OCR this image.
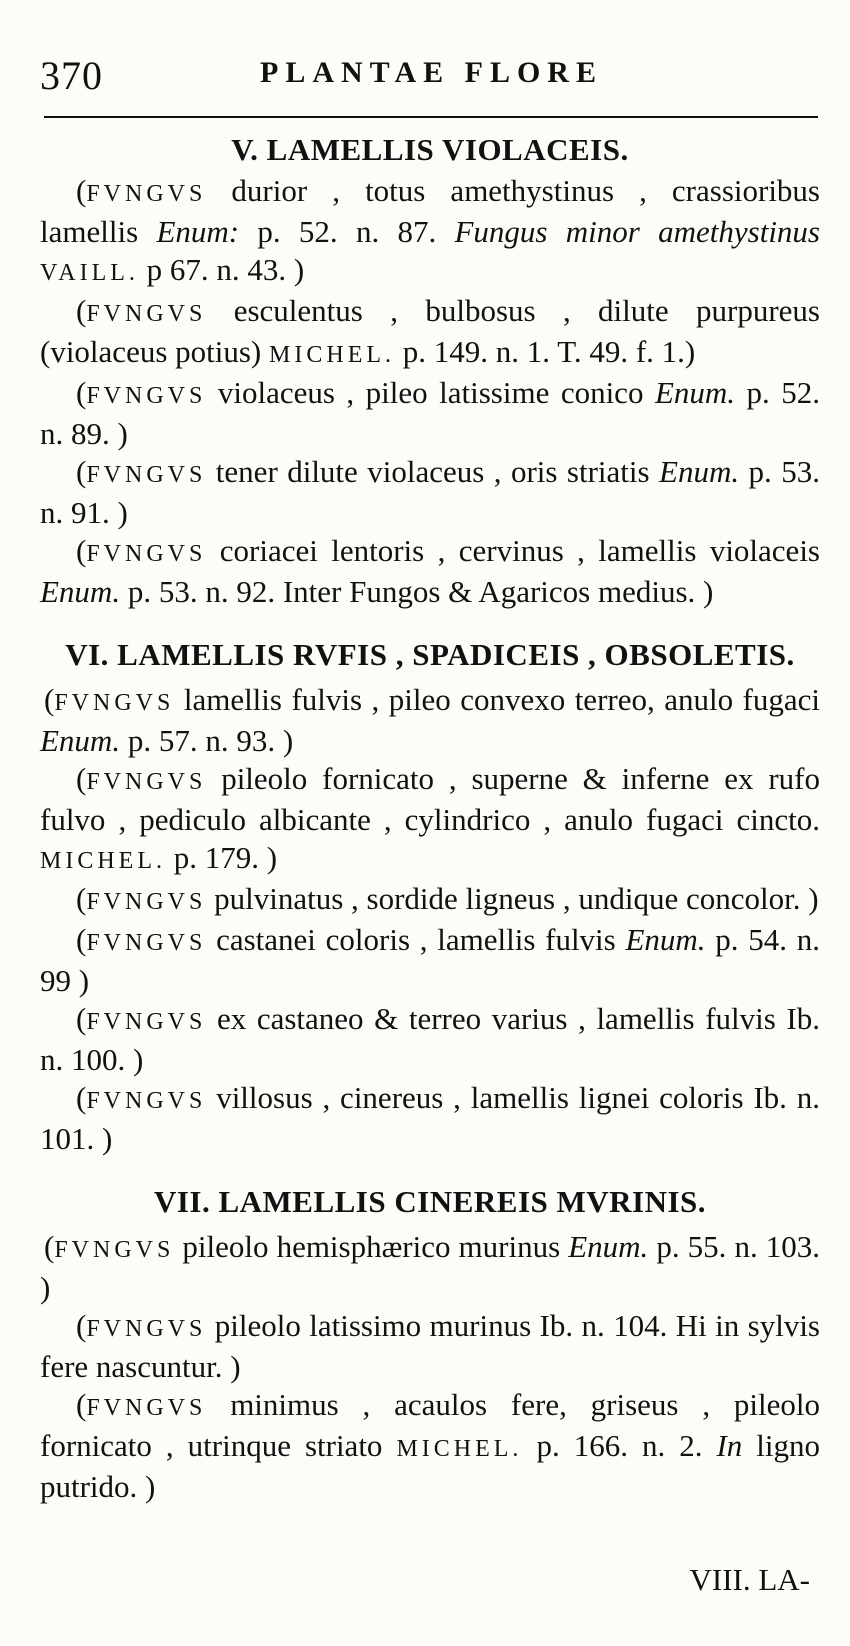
370	PLANTAE FLORE
V. LAMELLIS VIOLACEIS.

(FVNGVS durior , totus amethystinus , crassioribus lamellis Enum: p. 52. n. 87. Fungus minor amethystinus VAILL. p 67. n. 43. )

(FVNGVS esculentus , bulbosus , dilute purpureus (violaceus potius) MICHEL. p. 149. n. 1. T. 49. f. 1.)

(FVNGVS violaceus , pileo latissime conico Enum. p. 52. n. 89. )

(FVNGVS tener dilute violaceus , oris striatis Enum. p. 53. n. 91. )

(FVNGVS coriacei lentoris , cervinus , lamellis violaceis Enum. p. 53. n. 92. Inter Fungos & Agaricos medius. )

VI. LAMELLIS RVFIS , SPADICEIS , OBSOLETIS.

(FVNGVS lamellis fulvis , pileo convexo terreo, anulo fugaci Enum. p. 57. n. 93. )

(FVNGVS pileolo fornicato , superne & inferne ex rufo fulvo , pediculo albicante , cylindrico , anulo fugaci cincto. MICHEL. p. 179. )

(FVNGVS pulvinatus , sordide ligneus , undique concolor. )

(FVNGVS castanei coloris , lamellis fulvis Enum. p. 54. n. 99 )

(FVNGVS ex castaneo & terreo varius , lamellis fulvis Ib. n. 100. )

(FVNGVS villosus , cinereus , lamellis lignei coloris Ib. n. 101. )

VII. LAMELLIS CINEREIS MVRINIS.

(FVNGVS pileolo hemisphærico murinus Enum. p. 55. n. 103. )

(FVNGVS pileolo latissimo murinus Ib. n. 104. Hi in sylvis fere nascuntur. )

(FVNGVS minimus , acaulos fere, griseus , pileolo fornicato , utrinque striato MICHEL. p. 166. n. 2. In ligno putrido. )

VIII. LA-
